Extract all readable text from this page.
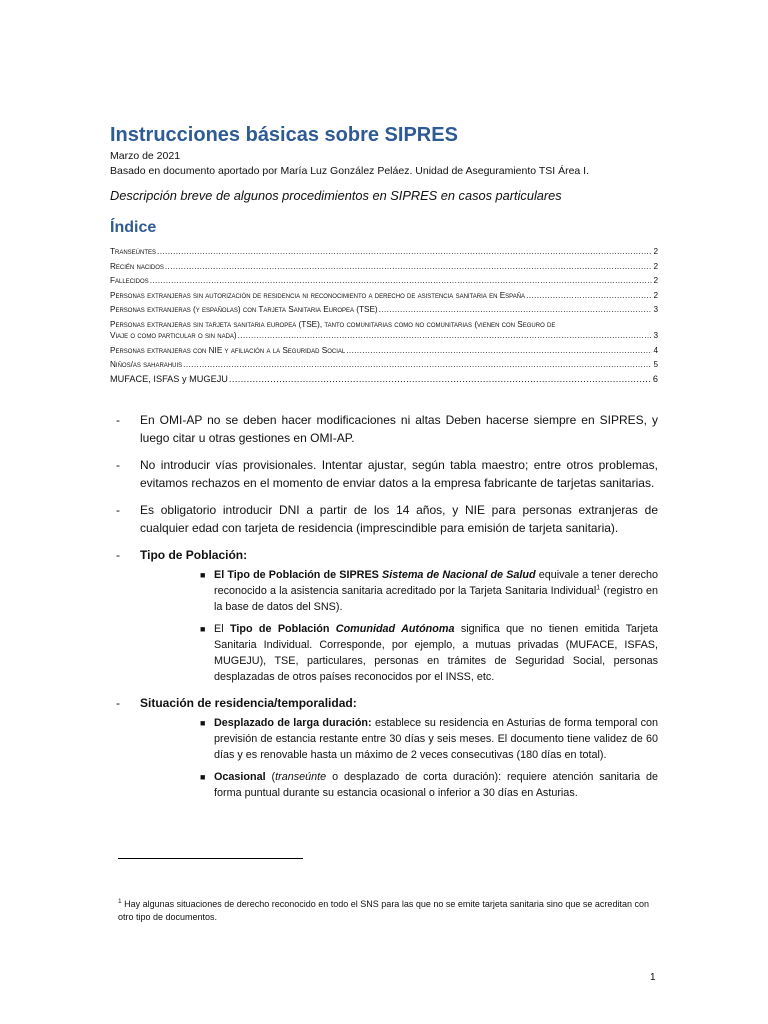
Instrucciones básicas sobre SIPRES

Marzo de 2021

Basado en documento aportado por María Luz González Peláez. Unidad de Aseguramiento TSI Área I.

Descripción breve de algunos procedimientos en SIPRES en casos particulares

Índice
Transeúntes .....	2
Recién nacidos .....	2
Fallecidos .....	2
Personas extranjeras sin autorización de residencia ni reconocimiento a derecho de asistencia sanitaria en España .....	2
Personas extranjeras (y españolas) con Tarjeta Sanitaria Europea (TSE) .....	3
Personas extranjeras sin tarjeta sanitaria europea (TSE), tanto comunitarias como no comunitarias (vienen con Seguro de
Viaje o como particular o sin nada) .....	3
Personas extranjeras con NIE y afiliación a la Seguridad Social .....	4
Niños/as saharahuis .....	5
MUFACE, ISFAS y MUGEJU .....	6
- En OMI-AP no se deben hacer modificaciones ni altas Deben hacerse siempre en SIPRES, y luego citar u otras gestiones en OMI-AP.
- No introducir vías provisionales. Intentar ajustar, según tabla maestro; entre otros problemas, evitamos rechazos en el momento de enviar datos a la empresa fabricante de tarjetas sanitarias.
- Es obligatorio introducir DNI a partir de los 14 años, y NIE para personas extranjeras de cualquier edad con tarjeta de residencia (imprescindible para emisión de tarjeta sanitaria).
- Tipo de Población:
■ El Tipo de Población de SIPRES Sistema de Nacional de Salud equivale a tener derecho reconocido a la asistencia sanitaria acreditado por la Tarjeta Sanitaria Individual$^1$ (registro en la base de datos del SNS).
■ El Tipo de Población Comunidad Autónoma significa que no tienen emitida Tarjeta Sanitaria Individual. Corresponde, por ejemplo, a mutuas privadas (MUFACE, ISFAS, MUGEJU), TSE, particulares, personas en trámites de Seguridad Social, personas desplazadas de otros países reconocidos por el INSS, etc.
- Situación de residencia/temporalidad:
■ Desplazado de larga duración: establece su residencia en Asturias de forma temporal con previsión de estancia restante entre 30 días y seis meses. El documento tiene validez de 60 días y es renovable hasta un máximo de 2 veces consecutivas (180 días en total).
■ Ocasional (transeúnte o desplazado de corta duración): requiere atención sanitaria de forma puntual durante su estancia ocasional o inferior a 30 días en Asturias.
$^1$ Hay algunas situaciones de derecho reconocido en todo el SNS para las que no se emite tarjeta sanitaria sino que se acreditan con otro tipo de documentos.
1
